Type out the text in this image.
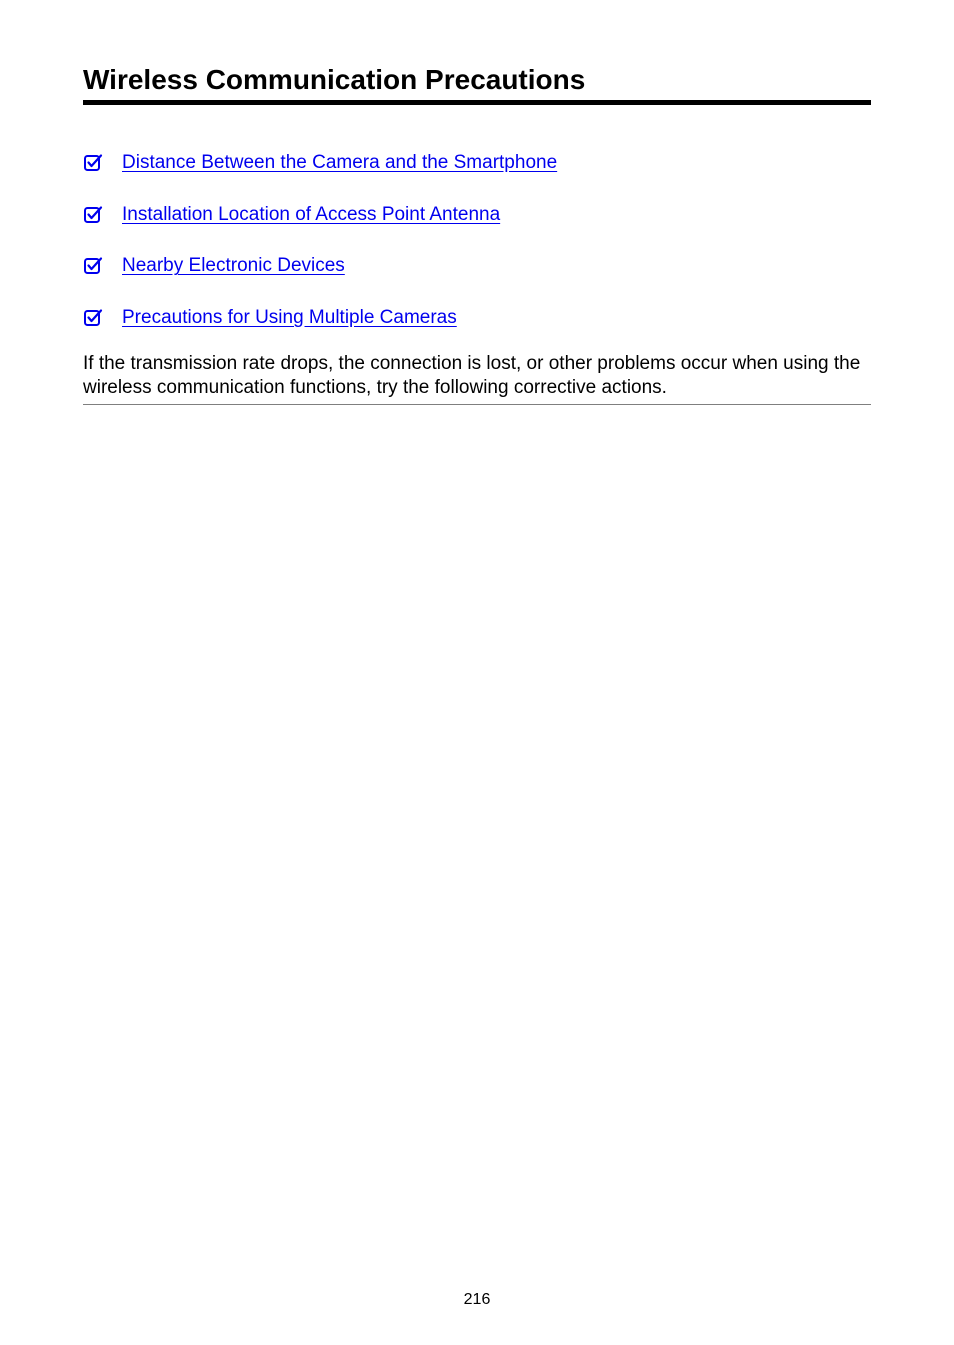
Wireless Communication Precautions
Distance Between the Camera and the Smartphone
Installation Location of Access Point Antenna
Nearby Electronic Devices
Precautions for Using Multiple Cameras

If the transmission rate drops, the connection is lost, or other problems occur when using the wireless communication functions, try the following corrective actions.

216
